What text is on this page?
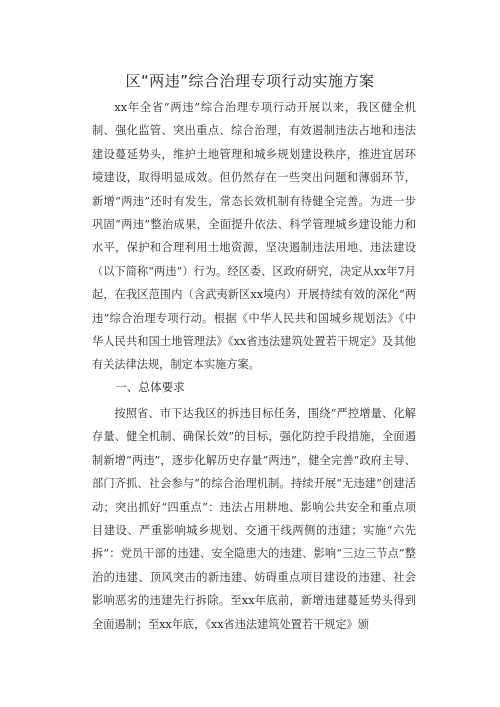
区“两违”综合治理专项行动实施方案

xx年全省“两违”综合治理专项行动开展以来，我区健全机制、强化监管、突出重点、综合治理，有效遏制违法占地和违法建设蔓延势头，维护土地管理和城乡规划建设秩序，推进宜居环境建设，取得明显成效。但仍然存在一些突出问题和薄弱环节，新增“两违”还时有发生，常态长效机制有待健全完善。为进一步巩固“两违”整治成果，全面提升依法、科学管理城乡建设能力和水平，保护和合理利用土地资源，坚决遏制违法用地、违法建设（以下简称“两违”）行为。经区委、区政府研究，决定从xx年7月起，在我区范围内（含武夷新区xx境内）开展持续有效的深化“两违”综合治理专项行动。根据《中华人民共和国城乡规划法》《中华人民共和国土地管理法》《xx省违法建筑处置若干规定》及其他有关法律法规，制定本实施方案。

一、总体要求

按照省、市下达我区的拆违目标任务，围绕“严控增量、化解存量、健全机制、确保长效”的目标，强化防控手段措施，全面遏制新增“两违”，逐步化解历史存量“两违”，健全完善“政府主导、部门齐抓、社会参与”的综合治理机制。持续开展“无违建”创建活动；突出抓好“四重点”：违法占用耕地、影响公共安全和重点项目建设、严重影响城乡规划、交通干线两侧的违建；实施“六先拆”：党员干部的违建、安全隐患大的违建、影响“三边三节点”整治的违建、顶风突击的新违建、妨碍重点项目建设的违建、社会影响恶劣的违建先行拆除。至xx年底前，新增违建蔓延势头得到全面遏制；至xx年底，《xx省违法建筑处置若干规定》颁
